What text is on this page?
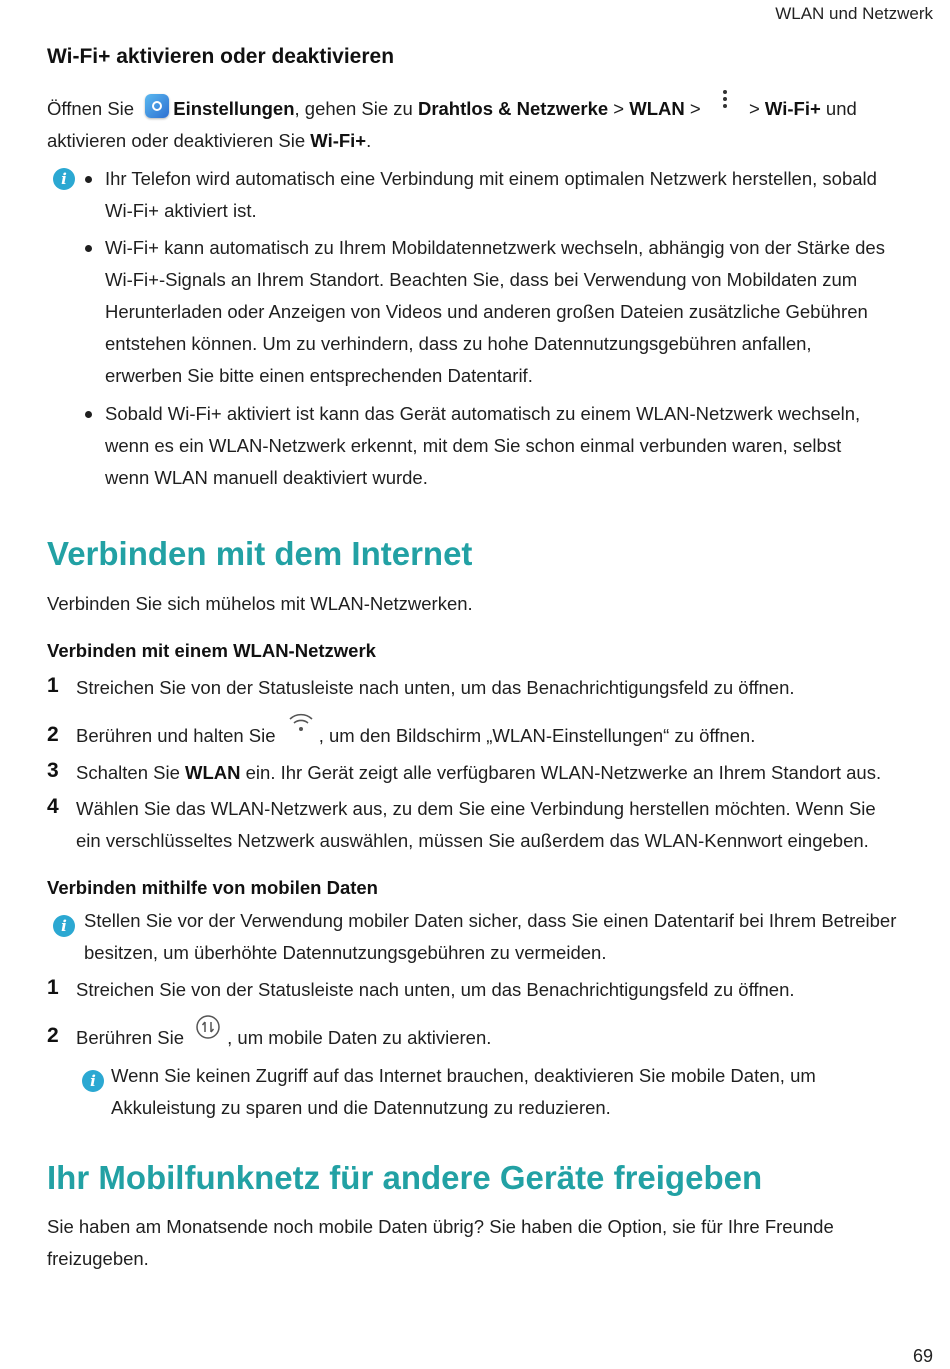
WLAN und Netzwerk
Wi-Fi+ aktivieren oder deaktivieren
Öffnen Sie Einstellungen, gehen Sie zu Drahtlos & Netzwerke > WLAN >  > Wi-Fi+ und
aktivieren oder deaktivieren Sie Wi-Fi+.
i	Ihr Telefon wird automatisch eine Verbindung mit einem optimalen Netzwerk herstellen, sobald
Wi-Fi+ aktiviert ist.
Wi-Fi+ kann automatisch zu Ihrem Mobildatennetzwerk wechseln, abhängig von der Stärke des
Wi-Fi+-Signals an Ihrem Standort. Beachten Sie, dass bei Verwendung von Mobildaten zum
Herunterladen oder Anzeigen von Videos und anderen großen Dateien zusätzliche Gebühren
entstehen können. Um zu verhindern, dass zu hohe Datennutzungsgebühren anfallen,
erwerben Sie bitte einen entsprechenden Datentarif.
Sobald Wi-Fi+ aktiviert ist kann das Gerät automatisch zu einem WLAN-Netzwerk wechseln,
wenn es ein WLAN-Netzwerk erkennt, mit dem Sie schon einmal verbunden waren, selbst
wenn WLAN manuell deaktiviert wurde.
Verbinden mit dem Internet
Verbinden Sie sich mühelos mit WLAN-Netzwerken.
Verbinden mit einem WLAN-Netzwerk
1 Streichen Sie von der Statusleiste nach unten, um das Benachrichtigungsfeld zu öffnen.
2 Berühren und halten Sie , um den Bildschirm „WLAN-Einstellungen“ zu öffnen.
3 Schalten Sie WLAN ein. Ihr Gerät zeigt alle verfügbaren WLAN-Netzwerke an Ihrem Standort aus.
4 Wählen Sie das WLAN-Netzwerk aus, zu dem Sie eine Verbindung herstellen möchten. Wenn Sie
ein verschlüsseltes Netzwerk auswählen, müssen Sie außerdem das WLAN-Kennwort eingeben.
Verbinden mithilfe von mobilen Daten
i Stellen Sie vor der Verwendung mobiler Daten sicher, dass Sie einen Datentarif bei Ihrem Betreiber
besitzen, um überhöhte Datennutzungsgebühren zu vermeiden.
1 Streichen Sie von der Statusleiste nach unten, um das Benachrichtigungsfeld zu öffnen.
2 Berühren Sie , um mobile Daten zu aktivieren.
i Wenn Sie keinen Zugriff auf das Internet brauchen, deaktivieren Sie mobile Daten, um
Akkuleistung zu sparen und die Datennutzung zu reduzieren.
Ihr Mobilfunknetz für andere Geräte freigeben
Sie haben am Monatsende noch mobile Daten übrig? Sie haben die Option, sie für Ihre Freunde
freizugeben.
69
